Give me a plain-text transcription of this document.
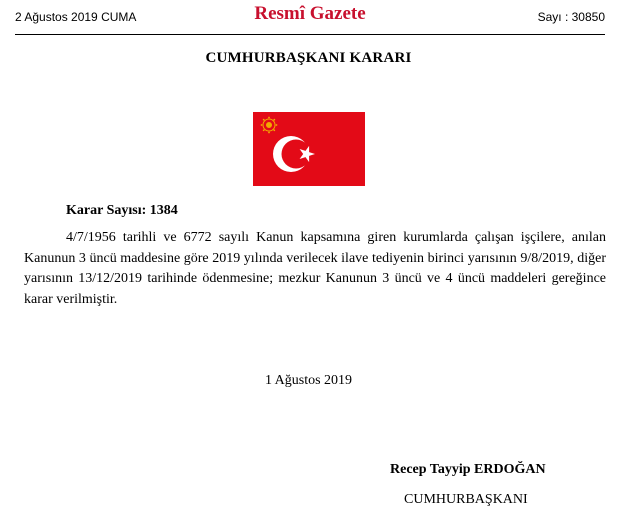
2 Ağustos 2019 CUMA	Resmî Gazete	Sayı : 30850
CUMHURBAŞKANI KARARI
Karar Sayısı: 1384
4/7/1956 tarihli ve 6772 sayılı Kanun kapsamına giren kurumlarda çalışan işçilere, anılan Kanunun 3 üncü maddesine göre 2019 yılında verilecek ilave tediyenin birinci yarısının 9/8/2019, diğer yarısının 13/12/2019 tarihinde ödenmesine; mezkur Kanunun 3 üncü ve 4 üncü maddeleri gereğince karar verilmiştir.
1 Ağustos 2019
Recep Tayyip ERDOĞAN
CUMHURBAŞKANI
